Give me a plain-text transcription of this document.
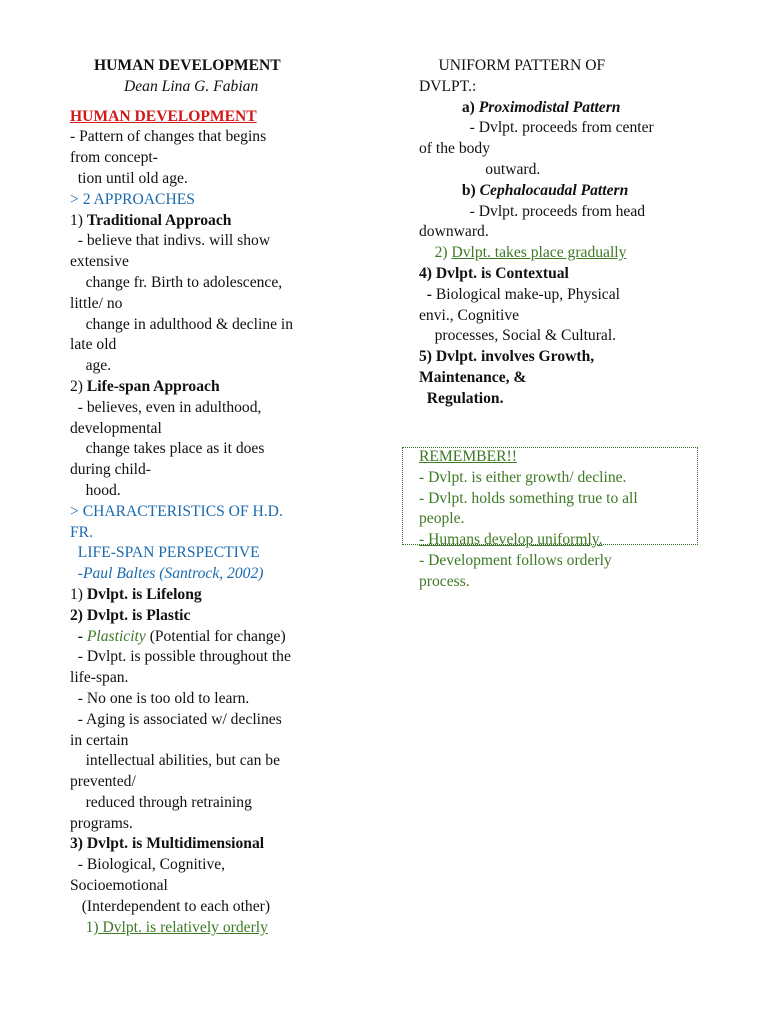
HUMAN DEVELOPMENT
Dean Lina G. Fabian
HUMAN DEVELOPMENT
- Pattern of changes that begins
from concept-
tion until old age.
> 2 APPROACHES
1) Traditional Approach
- believe that indivs. will show
extensive
change fr. Birth to adolescence,
little/ no
change in adulthood & decline in
late old
age.
2) Life-span Approach
- believes, even in adulthood,
developmental
change takes place as it does
during child-
hood.
> CHARACTERISTICS OF H.D.
FR.
LIFE-SPAN PERSPECTIVE
-Paul Baltes (Santrock, 2002)
1) Dvlpt. is Lifelong
2) Dvlpt. is Plastic
- Plasticity (Potential for change)
- Dvlpt. is possible throughout the
life-span.
- No one is too old to learn.
- Aging is associated w/ declines
in certain
intellectual abilities, but can be
prevented/
reduced through retraining
programs.
3) Dvlpt. is Multidimensional
- Biological, Cognitive,
Socioemotional
(Interdependent to each other)
1) Dvlpt. is relatively orderly
UNIFORM PATTERN OF
DVLPT.:
a) Proximodistal Pattern
- Dvlpt. proceeds from center
of the body
outward.
b) Cephalocaudal Pattern
- Dvlpt. proceeds from head
downward.
2) Dvlpt. takes place gradually
4) Dvlpt. is Contextual
- Biological make-up, Physical
envi., Cognitive
processes, Social & Cultural.
5) Dvlpt. involves Growth,
Maintenance, &
Regulation.
REMEMBER!!
- Dvlpt. is either growth/ decline.
- Dvlpt. holds something true to all
people.
- Humans develop uniformly.
- Development follows orderly
process.
